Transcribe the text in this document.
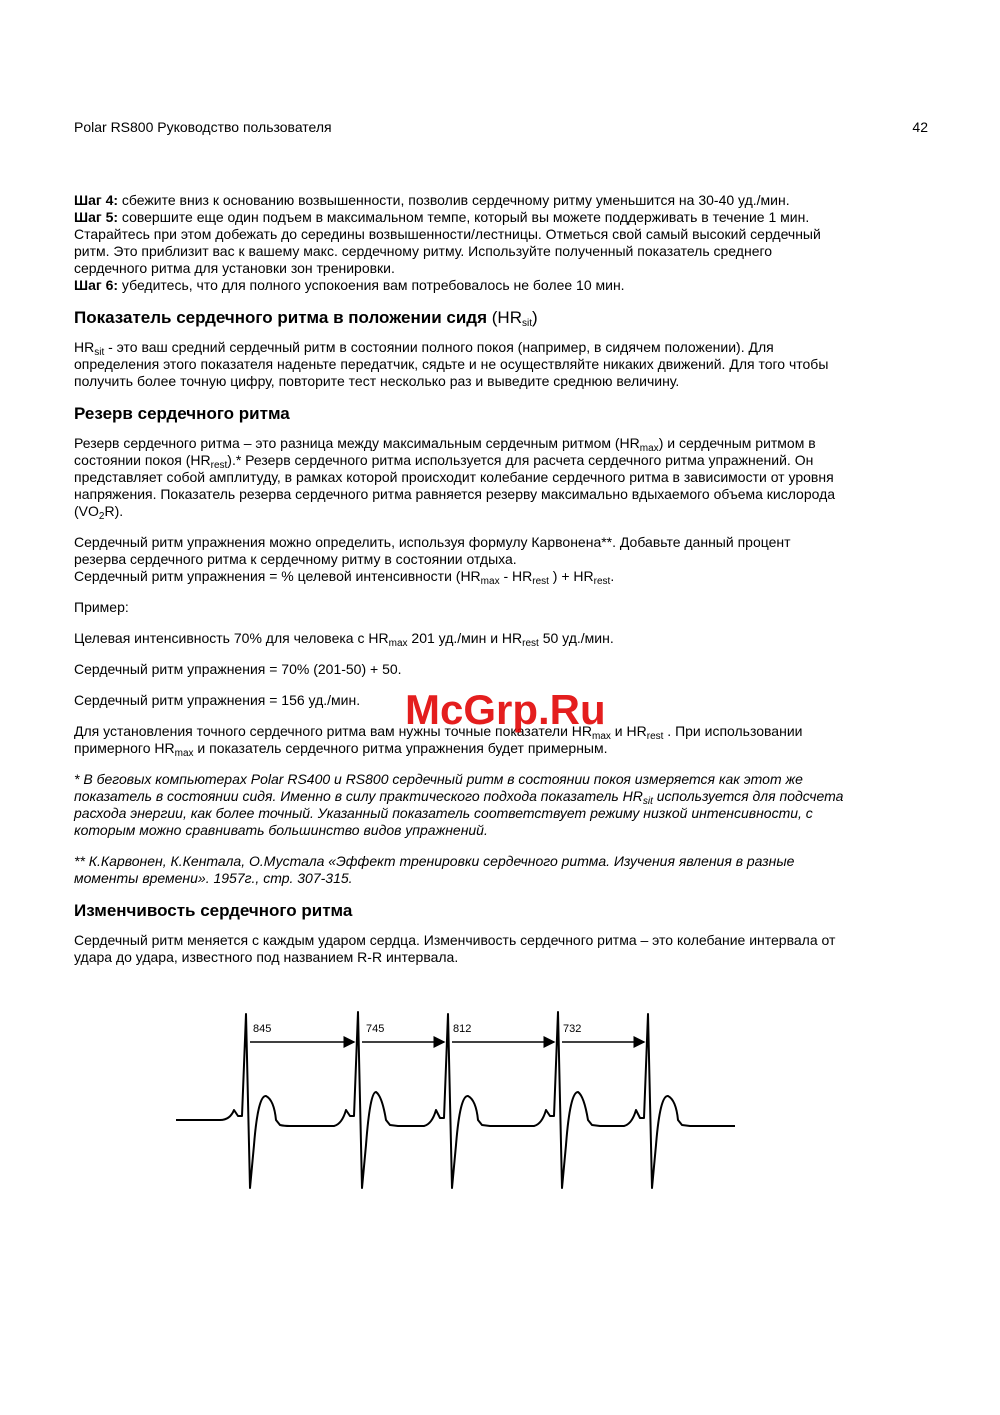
Polar RS800 Руководство пользователя	42

Шаг 4: сбежите вниз к основанию возвышенности, позволив сердечному ритму уменьшится на 30-40 уд./мин.

Шаг 5: совершите еще один подъем в максимальном темпе, который вы можете поддерживать в течение 1 мин. Старайтесь при этом добежать до середины возвышенности/лестницы. Отметься свой самый высокий сердечный ритм. Это приблизит вас к вашему макс. сердечному ритму. Используйте полученный показатель среднего сердечного ритма для установки зон тренировки.

Шаг 6: убедитесь, что для полного успокоения вам потребовалось не более 10 мин.

Показатель сердечного ритма в положении сидя $(HR_{sit})$

$HR_{sit}$ - это ваш средний сердечный ритм в состоянии полного покоя (например, в сидячем положении). Для определения этого показателя наденьте передатчик, сядьте и не осуществляйте никаких движений. Для того чтобы получить более точную цифру, повторите тест несколько раз и выведите среднюю величину.

Резерв сердечного ритма

Резерв сердечного ритма – это разница между максимальным сердечным ритмом $(HR_{max})$ и сердечным ритмом в состоянии покоя $(HR_{rest}).*$ Резерв сердечного ритма используется для расчета сердечного ритма упражнений. Он представляет собой амплитуду, в рамках которой происходит колебание сердечного ритма в зависимости от уровня напряжения. Показатель резерва сердечного ритма равняется резерву максимально вдыхаемого объема кислорода $(VO_2R)$.

Сердечный ритм упражнения можно определить, используя формулу Карвонена**. Добавьте данный процент резерва сердечного ритма к сердечному ритму в состоянии отдыха.
Сердечный ритм упражнения = % целевой интенсивности ($HR_{max} - HR_{rest}$ ) + $HR_{rest}$.

Пример:

Целевая интенсивность 70% для человека с $HR_{max}$ 201 уд./мин и $HR_{rest}$ 50 уд./мин.

Сердечный ритм упражнения = 70% (201-50) + 50.

Сердечный ритм упражнения = 156 уд./мин.

Для установления точного сердечного ритма вам нужны точные показатели $HR_{max}$ и $HR_{rest}$ . При использовании примерного $HR_{max}$ и показатель сердечного ритма упражнения будет примерным.

* В беговых компьютерах Polar RS400 и RS800 сердечный ритм в состоянии покоя измеряется как этот же показатель в состоянии сидя. Именно в силу практического подхода показатель $HR_{sit}$ используется для подсчета расхода энергии, как более точный. Указанный показатель соответствует режиму низкой интенсивности, с которым можно сравнивать большинство видов упражнений.

** К.Карвонен, К.Кентала, О.Мустала «Эффект тренировки сердечного ритма. Изучения явления в разные моменты времени». 1957г., стр. 307-315.

Изменчивость сердечного ритма

Сердечный ритм меняется с каждым ударом сердца. Изменчивость сердечного ритма – это колебание интервала от удара до удара, известного под названием R-R интервала.

McGrp.Ru
845	745	812	732
